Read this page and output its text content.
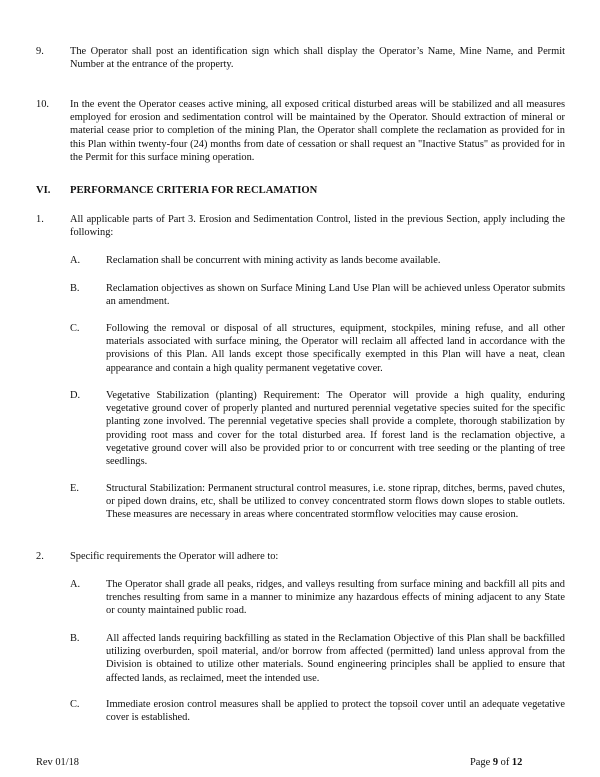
9.	The Operator shall post an identification sign which shall display the Operator’s Name, Mine Name, and Permit Number at the entrance of the property.
10. In the event the Operator ceases active mining, all exposed critical disturbed areas will be stabilized and all measures employed for erosion and sedimentation control will be maintained by the Operator. Should extraction of mineral or material cease prior to completion of the mining Plan, the Operator shall complete the reclamation as provided for in this Plan within twenty-four (24) months from date of cessation or shall request an "Inactive Status" as provided for in the Permit for this surface mining operation.
VI. PERFORMANCE CRITERIA FOR RECLAMATION
1.	All applicable parts of Part 3. Erosion and Sedimentation Control, listed in the previous Section, apply including the following:
A. Reclamation shall be concurrent with mining activity as lands become available.
B.	Reclamation objectives as shown on Surface Mining Land Use Plan will be achieved unless Operator submits an amendment.
C.	Following the removal or disposal of all structures, equipment, stockpiles, mining refuse, and all other materials associated with surface mining, the Operator will reclaim all affected land in accordance with the provisions of this Plan. All lands except those specifically exempted in this Plan will have a neat, clean appearance and contain a high quality permanent vegetative cover.
D. Vegetative Stabilization (planting) Requirement: The Operator will provide a high quality, enduring vegetative ground cover of properly planted and nurtured perennial vegetative species suited for the specific planting zone involved. The perennial vegetative species shall provide a complete, thorough stabilization by providing root mass and cover for the total disturbed area. If forest land is the reclamation objective, a vegetative ground cover will also be provided prior to or concurrent with tree seeding or the planting of tree seedlings.
E.	Structural Stabilization: Permanent structural control measures, i.e. stone riprap, ditches, berms, paved chutes, or piped down drains, etc, shall be utilized to convey concentrated storm flows down slopes to stable outlets. These measures are necessary in areas where concentrated stormflow velocities may cause erosion.
2.	Specific requirements the Operator will adhere to:
A. The Operator shall grade all peaks, ridges, and valleys resulting from surface mining and backfill all pits and trenches resulting from same in a manner to minimize any hazardous effects of mining adjacent to any State or county maintained public road.
B.	All affected lands requiring backfilling as stated in the Reclamation Objective of this Plan shall be backfilled utilizing overburden, spoil material, and/or borrow from affected (permitted) land unless approval from the Division is obtained to utilize other materials. Sound engineering principles shall be applied to ensure that affected lands, as reclaimed, meet the intended use.
C.	Immediate erosion control measures shall be applied to protect the topsoil cover until an adequate vegetative cover is established.
Rev 01/18	Page 9 of 12
